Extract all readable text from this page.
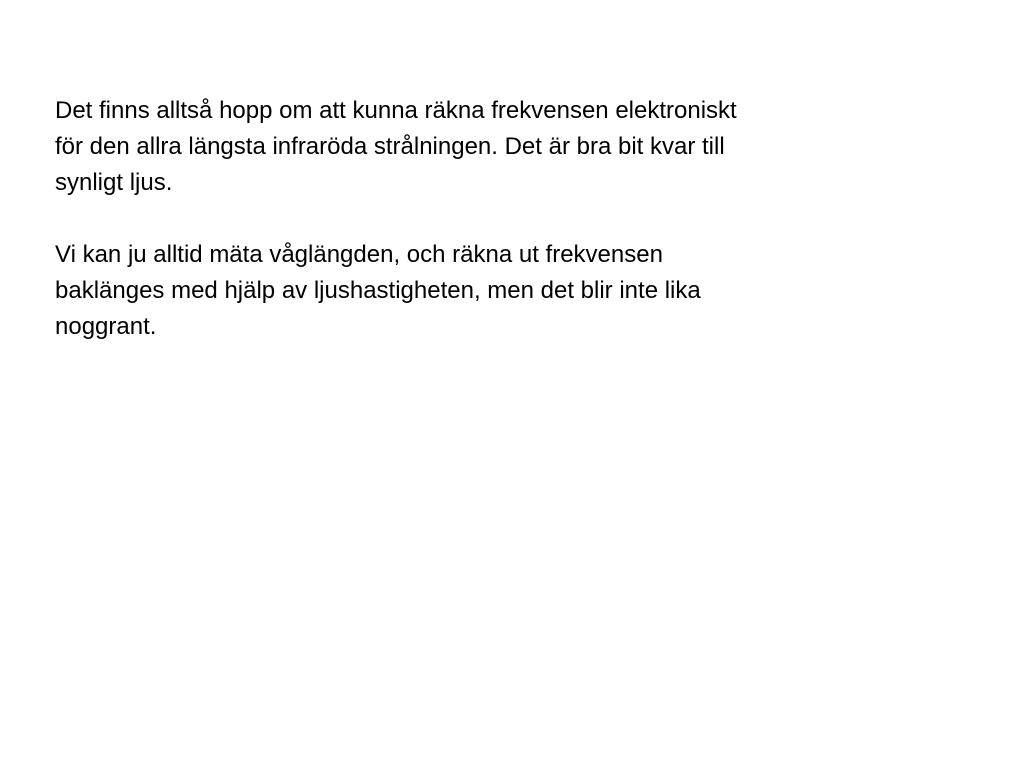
Det finns alltså hopp om att kunna räkna frekvensen elektroniskt
för den allra längsta infraröda strålningen. Det är bra bit kvar till
synligt ljus.

Vi kan ju alltid mäta våglängden, och räkna ut frekvensen
baklänges med hjälp av ljushastigheten, men det blir inte lika
noggrant.
